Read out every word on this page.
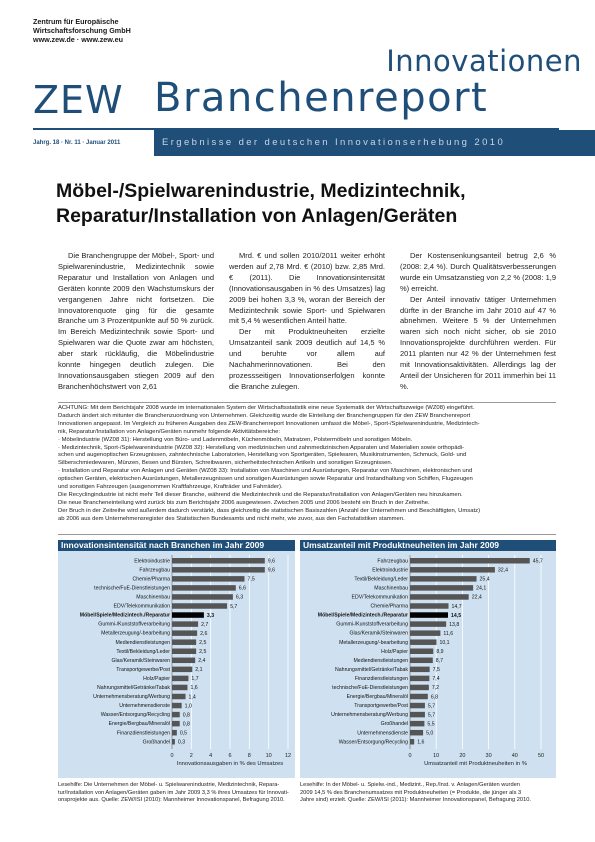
Zentrum für Europäische
Wirtschaftsforschung GmbH
www.zew.de · www.zew.eu
Innovationen
ZEW Branchenreport
Jahrg. 18 · Nr. 11 · Januar 2011	Ergebnisse der deutschen Innovationserhebung 2010
Möbel-/Spielwarenindustrie, Medizintechnik,
Reparatur/Installation von Anlagen/Geräten

Die Branchengruppe der Möbel-, Sport- und Spielwarenindustrie, Medizintechnik sowie Reparatur und Installation von Anlagen und Geräten konnte 2009 den Wachstumskurs der vergangenen Jahre nicht fortsetzen. Die Innovatorenquote ging für die gesamte Branche um 3 Prozentpunkte auf 50 % zurück. Im Bereich Medizintechnik sowie Sport- und Spielwaren war die Quote zwar am höchsten, aber stark rückläufig, die Möbelindustrie konnte hingegen deutlich zulegen. Die Innovationsausgaben stiegen 2009 auf den Branchenhöchstwert von 2,61

Mrd. € und sollen 2010/2011 weiter erhöht werden auf 2,78 Mrd. € (2010) bzw. 2,85 Mrd. € (2011). Die Innovationsintensität (Innovationsausgaben in % des Umsatzes) lag 2009 bei hohen 3,3 %, woran der Bereich der Medizintechnik sowie Sport- und Spielwaren mit 5,4 % wesentlichen Anteil hatte.

Der mit Produktneuheiten erzielte Umsatzanteil sank 2009 deutlich auf 14,5 % und beruhte vor allem auf Nachahmerinnovationen. Bei den prozessseitigen Innovationserfolgen konnte die Branche zulegen.

Der Kostensenkungsanteil betrug 2,6 % (2008: 2,4 %). Durch Qualitätsverbesserungen wurde ein Umsatzanstieg von 2,2 % (2008: 1,9 %) erreicht.

Der Anteil innovativ tätiger Unternehmen dürfte in der Branche im Jahr 2010 auf 47 % abnehmen. Weitere 5 % der Unternehmen waren sich noch nicht sicher, ob sie 2010 Innovationsprojekte durchführen werden. Für 2011 planten nur 42 % der Unternehmen fest mit Innovationsaktivitäten. Allerdings lag der Anteil der Unsicheren für 2011 immerhin bei 11 %.

ACHTUNG: Mit dem Berichtsjahr 2008 wurde im internationalen System der Wirtschaftsstatistik eine neue Systematik der Wirtschaftszweige (WZ08) eingeführt.
Dadurch ändert sich mitunter die Branchenzuordnung von Unternehmen. Gleichzeitig wurde die Einteilung der Branchengruppen für den ZEW Branchenreport
Innovationen angepasst. Im Vergleich zu früheren Ausgaben des ZEW-Branchenreport Innovationen umfasst die Möbel-, Sport-/Spielwarenindustrie, Medizintech-
nik, Reparatur/Installation von Anlagen/Geräten nunmehr folgende Aktivitätsbereiche:
· Möbelindustrie (WZ08 31): Herstellung von Büro- und Ladenmöbeln, Küchenmöbeln, Matratzen, Polstermöbeln und sonstigen Möbeln.
· Medizintechnik, Sport-/Spielwarenindustrie (WZ08 32): Herstellung von medizinischen und zahnmedizinischen Apparaten und Materialien sowie orthopädi-
schen und augenoptischen Erzeugnissen, zahntechnische Laboratorien, Herstellung von Sportgeräten, Spielwaren, Musikinstrumenten, Schmuck, Gold- und
Silberschmiedewaren, Münzen, Besen und Bürsten, Schreibwaren, sicherheitstechnischen Artikeln und sonstigen Erzeugnissen.
· Installation und Reparatur von Anlagen und Geräten (WZ08 33): Installation von Maschinen und Ausrüstungen, Reparatur von Maschinen, elektronischen und
optischen Geräten, elektrischen Ausrüstungen, Metallerzeugnissen und sonstigen Ausrüstungen sowie Reparatur und Instandhaltung von Schiffen, Flugzeugen
und sonstigen Fahrzeugen (ausgenommen Kraftfahrzeuge, Krafträder und Fahrräder).
Die Recyclingindustrie ist nicht mehr Teil dieser Branche, während die Medizintechnik und die Reparatur/Installation von Anlagen/Geräten neu hinzukamen.
Die neue Brancheneinteilung wird zurück bis zum Berichtsjahr 2006 ausgewiesen. Zwischen 2005 und 2006 besteht ein Bruch in der Zeitreihe.
Der Bruch in der Zeitreihe wird außerdem dadurch verstärkt, dass gleichzeitig die statistischen Basiszahlen (Anzahl der Unternehmen und Beschäftigten, Umsatz)
ab 2006 aus dem Unternehmensregister des Statistischen Bundesamts und nicht mehr, wie zuvor, aus den Fachstatistiken stammen.
0	2	4	6	8	10 12
Elektroindustrie	9,6
Fahrzeugbau	9,6
Chemie/Pharma	7,5
technische/FuE-Dienstleistungen	6,6
Maschinenbau	6,3
EDV/Telekommunikation	5,7
Möbel/Spiele/Medizintech./Reparatur	3,3
Gummi-/Kunststoffverarbeitung	2,7
Metallerzeugung/-bearbeitung	2,6
Mediendienstleistungen	2,5
Textil/Bekleidung/Leder	2,5
Glas/Keramik/Steinwaren	2,4
Transportgewerbe/Post	2,1
Holz/Papier	1,7
Nahrungsmittel/Getränke/Tabak	1,6
Unternehmensberatung/Werbung	1,4
Unternehmensdienste	1,0
Wasser/Entsorgung/Recycling 0,8
Energie/Bergbau/Mineralöl 0,8
Finanzdienstleistungen 0,5
Großhandel 0,3
Innovationsausgaben in % des Umsatzes
Innovationsintensität nach Branchen im Jahr 2009
0	10	20	30	40	50
Fahrzeugbau	45,7
Elektroindustrie	32,4
Textil/Bekleidung/Leder	25,4
Maschinenbau	24,1
EDV/Telekommunikation	22,4
Chemie/Pharma	14,7
Möbel/Spiele/Medizintech./Reparatur	14,5
Gummi-/Kunststoffverarbeitung	13,8
Glas/Keramik/Steinwaren	11,6
Metallerzeugung/-bearbeitung	10,1
Holz/Papier	8,9
Mediendienstleistungen	8,7
Nahrungsmittel/Getränke/Tabak	7,5
Finanzdienstleistungen	7,4
technische/FuE-Dienstleistungen	7,2
Energie/Bergbau/Mineralöl	6,8
Transportgewerbe/Post	5,7
Unternehmensberatung/Werbung	5,7
Großhandel	5,5
Unternehmensdienste	5,0
Wasser/Entsorgung/Recycling 1,6
Umsatzanteil mit Produktneuheiten in %
Umsatzanteil mit Produktneuheiten im Jahr 2009
Lesehilfe: Die Unternehmen der Möbel- u. Spielwarenindustrie, Medizintechnik, Repara-
tur/Installation von Anlagen/Geräten gaben im Jahr 2009 3,3 % ihres Umsatzes für Innovati-
onsprojekte aus. Quelle: ZEW/ISI (2010): Mannheimer Innovationspanel, Befragung 2010.
Lesehilfe: In der Möbel- u. Spielw.-ind., Medizint., Rep./Inst. v. Anlagen/Geräten wurden
2009 14,5 % des Branchenumsatzes mit Produktneuheiten (= Produkte, die jünger als 3
Jahre sind) erzielt. Quelle: ZEW/ISI (2011): Mannheimer Innovationspanel, Befragung 2010.
